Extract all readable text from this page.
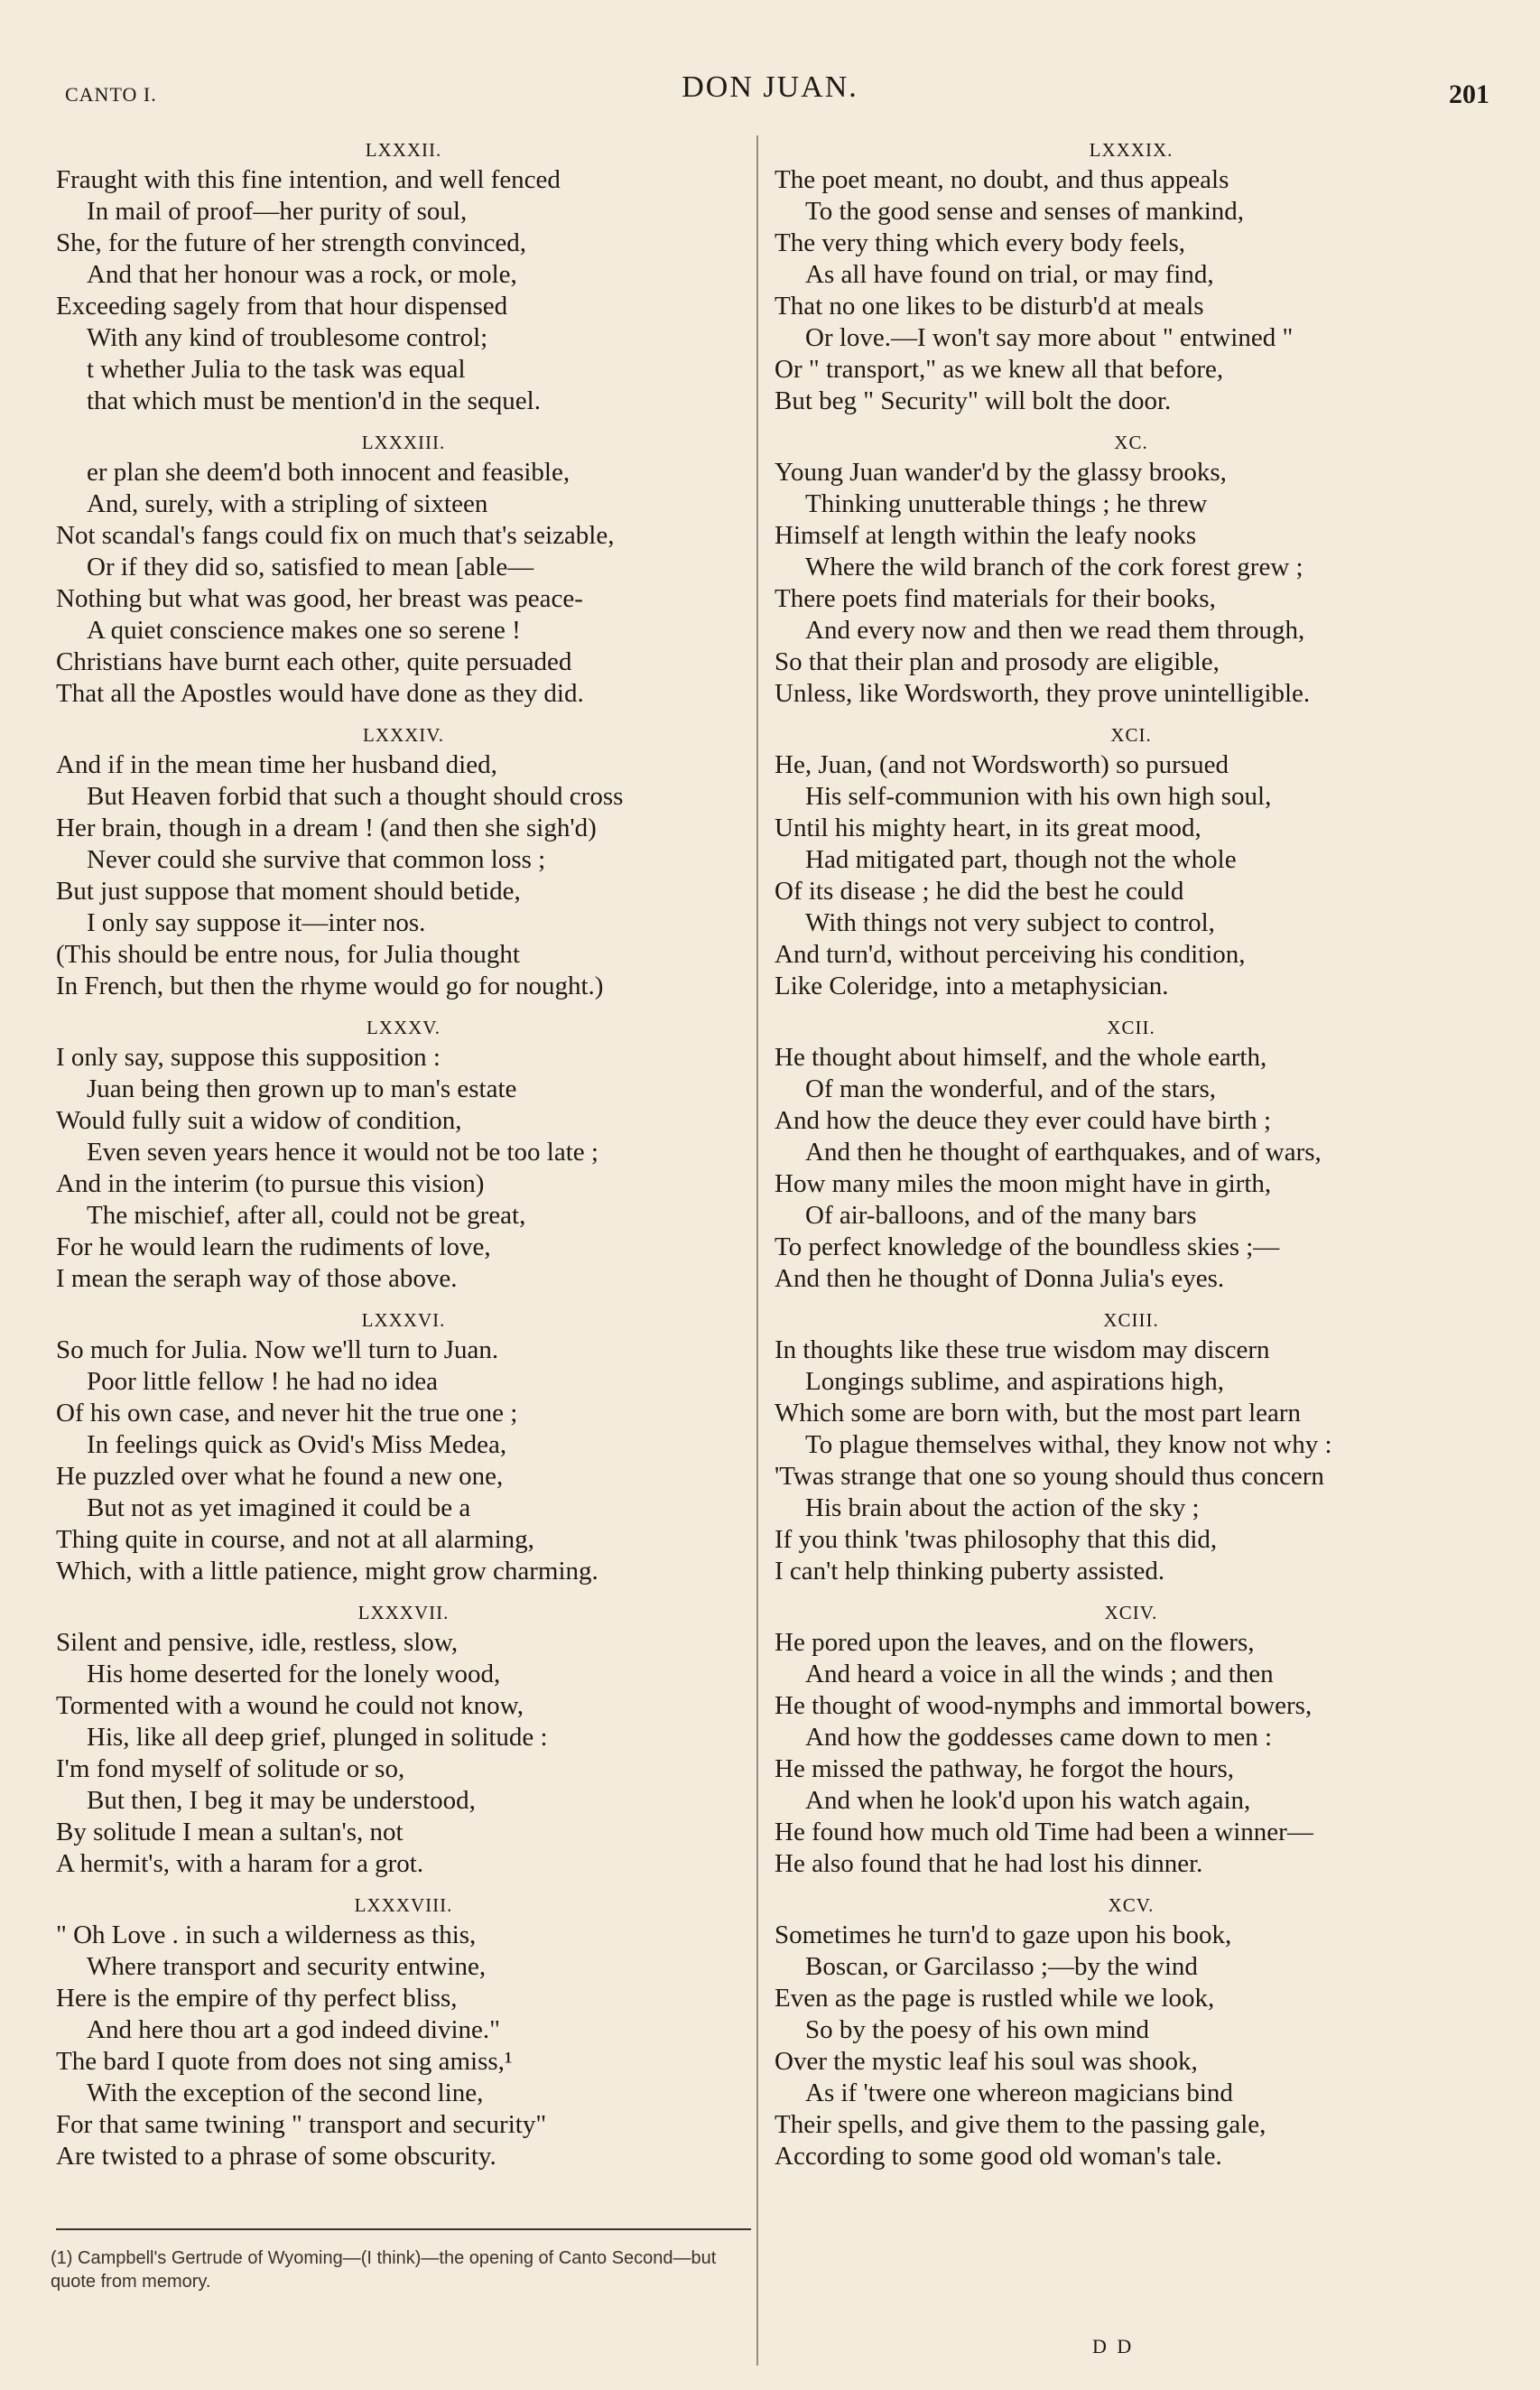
CANTO I.	DON JUAN.	201
LXXXII.
Fraught with this fine intention, and well fenced
In mail of proof—her purity of soul,
She, for the future of her strength convinced,
And that her honour was a rock, or mole,
Exceeding sagely from that hour dispensed
With any kind of troublesome control;
t whether Julia to the task was equal
that which must be mention'd in the sequel.
LXXXIII.
er plan she deem'd both innocent and feasible,
And, surely, with a stripling of sixteen
Not scandal's fangs could fix on much that's seizable,
Or if they did so, satisfied to mean [able—
Nothing but what was good, her breast was peace-
A quiet conscience makes one so serene !
Christians have burnt each other, quite persuaded
That all the Apostles would have done as they did.
LXXXIV.
And if in the mean time her husband died,
But Heaven forbid that such a thought should cross
Her brain, though in a dream ! (and then she sigh'd)
Never could she survive that common loss ;
But just suppose that moment should betide,
I only say suppose it—inter nos.
(This should be entre nous, for Julia thought
In French, but then the rhyme would go for nought.)
LXXXV.
I only say, suppose this supposition :
Juan being then grown up to man's estate
Would fully suit a widow of condition,
Even seven years hence it would not be too late ;
And in the interim (to pursue this vision)
The mischief, after all, could not be great,
For he would learn the rudiments of love,
I mean the seraph way of those above.
LXXXVI.
So much for Julia. Now we'll turn to Juan.
Poor little fellow ! he had no idea
Of his own case, and never hit the true one ;
In feelings quick as Ovid's Miss Medea,
He puzzled over what he found a new one,
But not as yet imagined it could be a
Thing quite in course, and not at all alarming,
Which, with a little patience, might grow charming.
LXXXVII.
Silent and pensive, idle, restless, slow,
His home deserted for the lonely wood,
Tormented with a wound he could not know,
His, like all deep grief, plunged in solitude :
I'm fond myself of solitude or so,
But then, I beg it may be understood,
By solitude I mean a sultan's, not
A hermit's, with a haram for a grot.
LXXXVIII.
" Oh Love . in such a wilderness as this,
Where transport and security entwine,
Here is the empire of thy perfect bliss,
And here thou art a god indeed divine."
The bard I quote from does not sing amiss,¹
With the exception of the second line,
For that same twining " transport and security"
Are twisted to a phrase of some obscurity.
LXXXIX.
The poet meant, no doubt, and thus appeals
To the good sense and senses of mankind,
The very thing which every body feels,
As all have found on trial, or may find,
That no one likes to be disturb'd at meals
Or love.—I won't say more about " entwined "
Or " transport," as we knew all that before,
But beg " Security" will bolt the door.
XC.
Young Juan wander'd by the glassy brooks,
Thinking unutterable things ; he threw
Himself at length within the leafy nooks
Where the wild branch of the cork forest grew ;
There poets find materials for their books,
And every now and then we read them through,
So that their plan and prosody are eligible,
Unless, like Wordsworth, they prove unintelligible.
XCI.
He, Juan, (and not Wordsworth) so pursued
His self-communion with his own high soul,
Until his mighty heart, in its great mood,
Had mitigated part, though not the whole
Of its disease ; he did the best he could
With things not very subject to control,
And turn'd, without perceiving his condition,
Like Coleridge, into a metaphysician.
XCII.
He thought about himself, and the whole earth,
Of man the wonderful, and of the stars,
And how the deuce they ever could have birth ;
And then he thought of earthquakes, and of wars,
How many miles the moon might have in girth,
Of air-balloons, and of the many bars
To perfect knowledge of the boundless skies ;—
And then he thought of Donna Julia's eyes.
XCIII.
In thoughts like these true wisdom may discern
Longings sublime, and aspirations high,
Which some are born with, but the most part learn
To plague themselves withal, they know not why :
'Twas strange that one so young should thus concern
His brain about the action of the sky ;
If you think 'twas philosophy that this did,
I can't help thinking puberty assisted.
XCIV.
He pored upon the leaves, and on the flowers,
And heard a voice in all the winds ; and then
He thought of wood-nymphs and immortal bowers,
And how the goddesses came down to men :
He missed the pathway, he forgot the hours,
And when he look'd upon his watch again,
He found how much old Time had been a winner—
He also found that he had lost his dinner.
XCV.
Sometimes he turn'd to gaze upon his book,
Boscan, or Garcilasso ;—by the wind
Even as the page is rustled while we look,
So by the poesy of his own mind
Over the mystic leaf his soul was shook,
As if 'twere one whereon magicians bind
Their spells, and give them to the passing gale,
According to some good old woman's tale.
(1) Campbell's Gertrude of Wyoming—(I think)—the opening of Canto Second—but quote from memory.
D D
